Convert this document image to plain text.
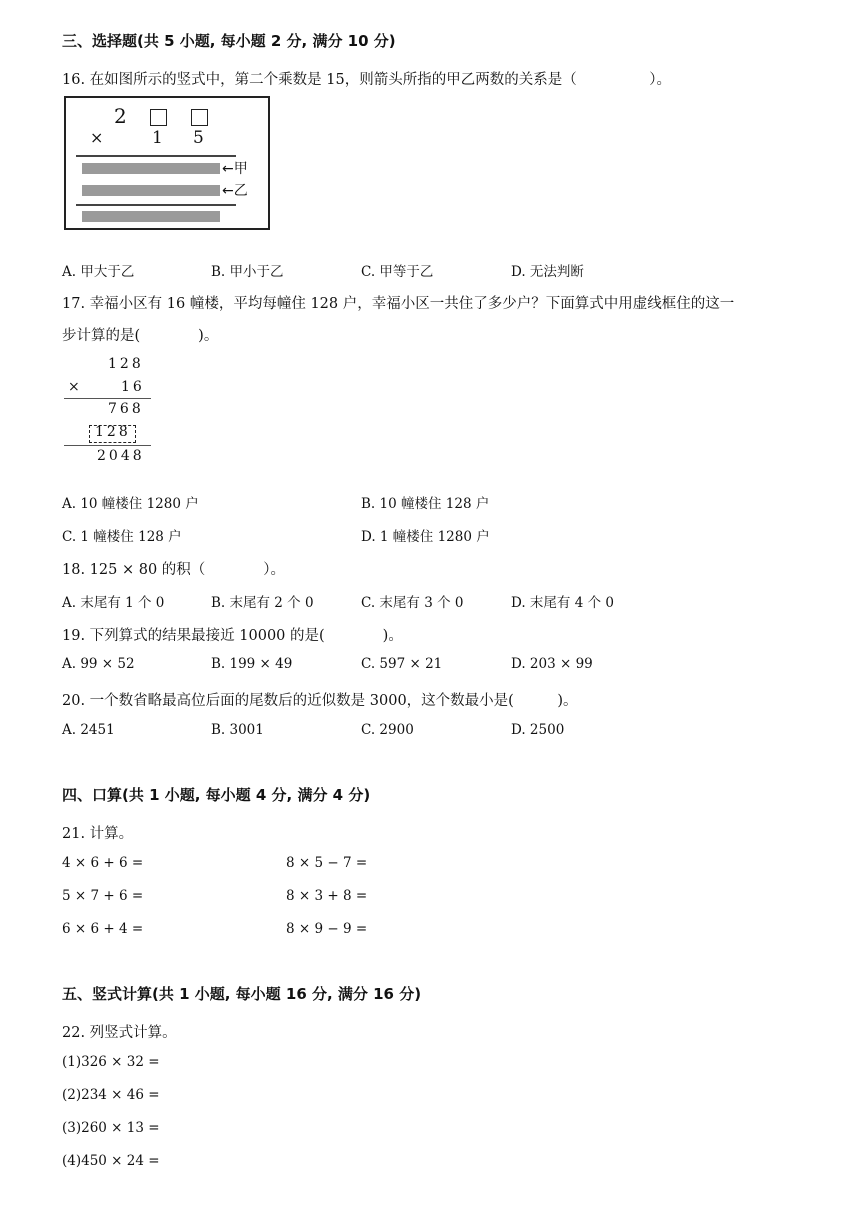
三、选择题(共 5 小题, 每小题 2 分, 满分 10 分)
16. 在如图所示的竖式中，第二个乘数是 15，则箭头所指的甲乙两数的关系是（　　　　　）。
2
×	1 5
←甲
←乙
A. 甲大于乙	B. 甲小于乙	C. 甲等于乙	D. 无法判断
17. 幸福小区有 16 幢楼，平均每幢住 128 户，幸福小区一共住了多少户？下面算式中用虚线框住的这一
步计算的是(　　　　)。
128
×	16
768
128
2048
A. 10 幢楼住 1280 户	B. 10 幢楼住 128 户
C. 1 幢楼住 128 户	D. 1 幢楼住 1280 户
18. 125 × 80 的积（　　　　）。
A. 末尾有 1 个 0	B. 末尾有 2 个 0	C. 末尾有 3 个 0	D. 末尾有 4 个 0
19. 下列算式的结果最接近 10000 的是(　　　　)。
A. 99 × 52	B. 199 × 49	C. 597 × 21	D. 203 × 99
20. 一个数省略最高位后面的尾数后的近似数是 3000，这个数最小是(　　　)。
A. 2451	B. 3001	C. 2900	D. 2500
四、口算(共 1 小题, 每小题 4 分, 满分 4 分)
21. 计算。
4 × 6 + 6 =	8 × 5 − 7 =
5 × 7 + 6 =	8 × 3 + 8 =
6 × 6 + 4 =	8 × 9 − 9 =
五、竖式计算(共 1 小题, 每小题 16 分, 满分 16 分)
22. 列竖式计算。
(1)326 × 32 =
(2)234 × 46 =
(3)260 × 13 =
(4)450 × 24 =
